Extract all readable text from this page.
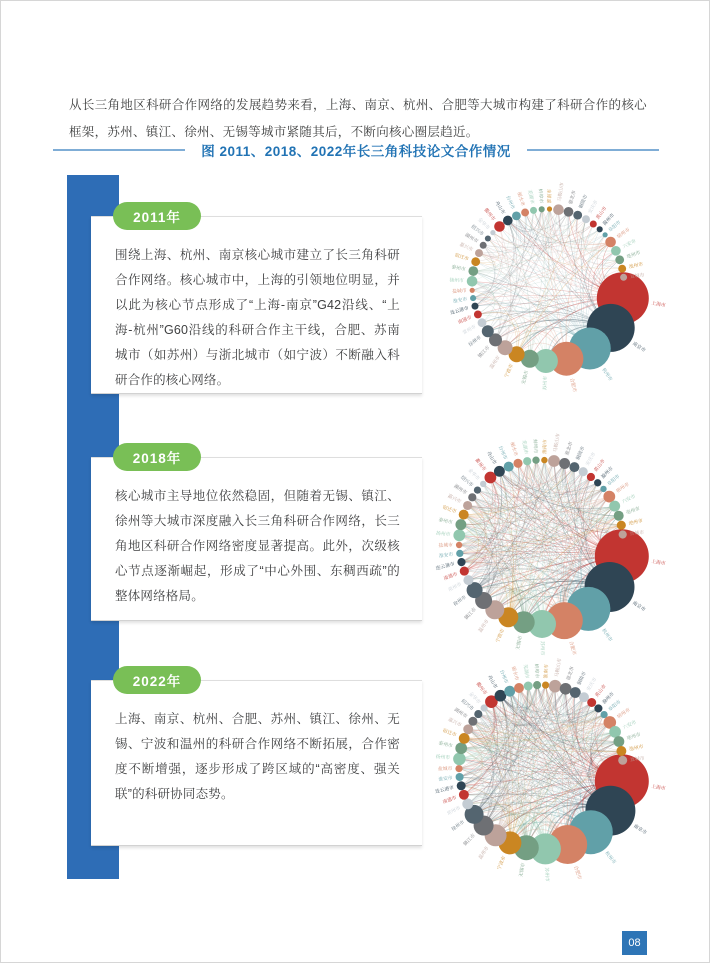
从长三角地区科研合作网络的发展趋势来看，上海、南京、杭州、合肥等大城市构建了科研合作的核心框架，苏州、镇江、徐州、无锡等城市紧随其后，不断向核心圈层趋近。

图 2011、2018、2022年长三角科技论文合作情况

围绕上海、杭州、南京核心城市建立了长三角科研合作网络。核心城市中，上海的引领地位明显，并以此为核心节点形成了“上海-南京”G42沿线、“上海-杭州”G60沿线的科研合作主干线，合肥、苏南城市（如苏州）与浙北城市（如宁波）不断融入科研合作的核心网络。

2011年

核心城市主导地位依然稳固，但随着无锡、镇江、徐州等大城市深度融入长三角科研合作网络，长三角地区科研合作网络密度显著提高。此外，次级核心节点逐渐崛起，形成了“中心外围、东稠西疏”的整体网络格局。

2018年

上海、南京、杭州、合肥、苏州、镇江、徐州、无锡、宁波和温州的科研合作网络不断拓展，合作密度不断增强，逐步形成了跨区域的“高密度、强关联”的科研协同态势。

2022年
上海市
南京市
杭州市
合肥市
苏州市
无锡市
宁波市
温州市
镇江市
徐州市
常州市
南通市
连云港市
淮安市
盐城市
扬州市
泰州市
宿迁市
嘉兴市
湖州市
绍兴市
金华市
衢州市
舟山市 台州市 丽水市 芜湖市 蚌埠市	淮南市 马鞍山市 淮北市 铜陵市
安庆市
黄山市
滁州市
阜阳市
宿州市
六安市
亳州市
池州市
宣城市
上海市
南京市
杭州市
合肥市
苏州市
无锡市
宁波市
温州市
镇江市
徐州市
常州市
南通市
连云港市
淮安市
盐城市
扬州市
泰州市
宿迁市
嘉兴市
湖州市
绍兴市
金华市
衢州市
舟山市 台州市 丽水市 芜湖市 蚌埠市	淮南市	马鞍山市 淮北市 铜陵市 安庆市
黄山市
滁州市
阜阳市
宿州市
六安市
亳州市
池州市
宣城市
上海市
南京市
杭州市
合肥市
苏州市
无锡市
宁波市
温州市
镇江市
徐州市
常州市
南通市
连云港市
淮安市
盐城市
扬州市
泰州市
宿迁市
嘉兴市
湖州市
绍兴市
金华市
衢州市
舟山市 台州市 丽水市 芜湖市 蚌埠市	淮南市	马鞍山市 淮北市 铜陵市
安庆市
黄山市
滁州市
阜阳市
宿州市
六安市
亳州市
池州市
宣城市
08
